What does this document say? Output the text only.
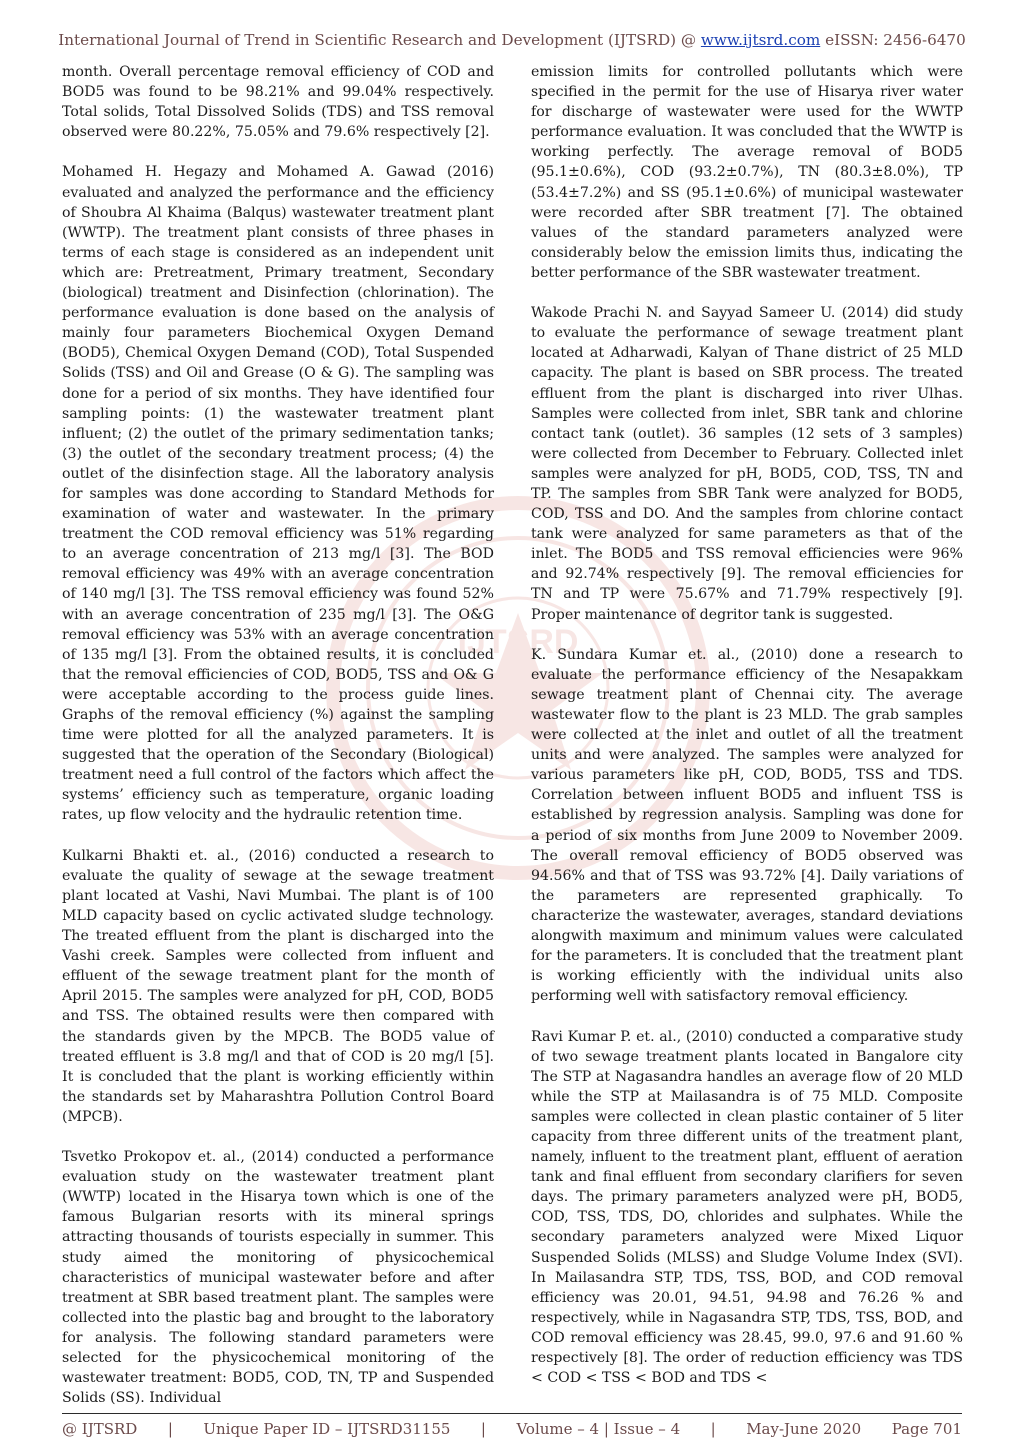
IJTSRD
International Journal of Trend in Scientific Research and Development (IJTSRD) @ www.ijtsrd.com eISSN: 2456-6470

month. Overall percentage removal efficiency of COD and BOD5 was found to be 98.21% and 99.04% respectively. Total solids, Total Dissolved Solids (TDS) and TSS removal observed were 80.22%, 75.05% and 79.6% respectively [2].

Mohamed H. Hegazy and Mohamed A. Gawad (2016) evaluated and analyzed the performance and the efficiency of Shoubra Al Khaima (Balqus) wastewater treatment plant (WWTP). The treatment plant consists of three phases in terms of each stage is considered as an independent unit which are: Pretreatment, Primary treatment, Secondary (biological) treatment and Disinfection (chlorination). The performance evaluation is done based on the analysis of mainly four parameters Biochemical Oxygen Demand (BOD5), Chemical Oxygen Demand (COD), Total Suspended Solids (TSS) and Oil and Grease (O & G). The sampling was done for a period of six months. They have identified four sampling points: (1) the wastewater treatment plant influent; (2) the outlet of the primary sedimentation tanks; (3) the outlet of the secondary treatment process; (4) the outlet of the disinfection stage. All the laboratory analysis for samples was done according to Standard Methods for examination of water and wastewater. In the primary treatment the COD removal efficiency was 51% regarding to an average concentration of 213 mg/l [3]. The BOD removal efficiency was 49% with an average concentration of 140 mg/l [3]. The TSS removal efficiency was found 52% with an average concentration of 235 mg/l [3]. The O&G removal efficiency was 53% with an average concentration of 135 mg/l [3]. From the obtained results, it is concluded that the removal efficiencies of COD, BOD5, TSS and O& G were acceptable according to the process guide lines. Graphs of the removal efficiency (%) against the sampling time were plotted for all the analyzed parameters. It is suggested that the operation of the Secondary (Biological) treatment need a full control of the factors which affect the systems’ efficiency such as temperature, organic loading rates, up flow velocity and the hydraulic retention time.

Kulkarni Bhakti et. al., (2016) conducted a research to evaluate the quality of sewage at the sewage treatment plant located at Vashi, Navi Mumbai. The plant is of 100 MLD capacity based on cyclic activated sludge technology. The treated effluent from the plant is discharged into the Vashi creek. Samples were collected from influent and effluent of the sewage treatment plant for the month of April 2015. The samples were analyzed for pH, COD, BOD5 and TSS. The obtained results were then compared with the standards given by the MPCB. The BOD5 value of treated effluent is 3.8 mg/l and that of COD is 20 mg/l [5]. It is concluded that the plant is working efficiently within the standards set by Maharashtra Pollution Control Board (MPCB).

Tsvetko Prokopov et. al., (2014) conducted a performance evaluation study on the wastewater treatment plant (WWTP) located in the Hisarya town which is one of the famous Bulgarian resorts with its mineral springs attracting thousands of tourists especially in summer. This study aimed the monitoring of physicochemical characteristics of municipal wastewater before and after treatment at SBR based treatment plant. The samples were collected into the plastic bag and brought to the laboratory for analysis. The following standard parameters were selected for the physicochemical monitoring of the wastewater treatment: BOD5, COD, TN, TP and Suspended Solids (SS). Individual

emission limits for controlled pollutants which were specified in the permit for the use of Hisarya river water for discharge of wastewater were used for the WWTP performance evaluation. It was concluded that the WWTP is working perfectly. The average removal of BOD5 (95.1±0.6%), COD (93.2±0.7%), TN (80.3±8.0%), TP (53.4±7.2%) and SS (95.1±0.6%) of municipal wastewater were recorded after SBR treatment [7]. The obtained values of the standard parameters analyzed were considerably below the emission limits thus, indicating the better performance of the SBR wastewater treatment.

Wakode Prachi N. and Sayyad Sameer U. (2014) did study to evaluate the performance of sewage treatment plant located at Adharwadi, Kalyan of Thane district of 25 MLD capacity. The plant is based on SBR process. The treated effluent from the plant is discharged into river Ulhas. Samples were collected from inlet, SBR tank and chlorine contact tank (outlet). 36 samples (12 sets of 3 samples) were collected from December to February. Collected inlet samples were analyzed for pH, BOD5, COD, TSS, TN and TP. The samples from SBR Tank were analyzed for BOD5, COD, TSS and DO. And the samples from chlorine contact tank were analyzed for same parameters as that of the inlet. The BOD5 and TSS removal efficiencies were 96% and 92.74% respectively [9]. The removal efficiencies for TN and TP were 75.67% and 71.79% respectively [9]. Proper maintenance of degritor tank is suggested.

K. Sundara Kumar et. al., (2010) done a research to evaluate the performance efficiency of the Nesapakkam sewage treatment plant of Chennai city. The average wastewater flow to the plant is 23 MLD. The grab samples were collected at the inlet and outlet of all the treatment units and were analyzed. The samples were analyzed for various parameters like pH, COD, BOD5, TSS and TDS. Correlation between influent BOD5 and influent TSS is established by regression analysis. Sampling was done for a period of six months from June 2009 to November 2009. The overall removal efficiency of BOD5 observed was 94.56% and that of TSS was 93.72% [4]. Daily variations of the parameters are represented graphically. To characterize the wastewater, averages, standard deviations alongwith maximum and minimum values were calculated for the parameters. It is concluded that the treatment plant is working efficiently with the individual units also performing well with satisfactory removal efficiency.

Ravi Kumar P. et. al., (2010) conducted a comparative study of two sewage treatment plants located in Bangalore city The STP at Nagasandra handles an average flow of 20 MLD while the STP at Mailasandra is of 75 MLD. Composite samples were collected in clean plastic container of 5 liter capacity from three different units of the treatment plant, namely, influent to the treatment plant, effluent of aeration tank and final effluent from secondary clarifiers for seven days. The primary parameters analyzed were pH, BOD5, COD, TSS, TDS, DO, chlorides and sulphates. While the secondary parameters analyzed were Mixed Liquor Suspended Solids (MLSS) and Sludge Volume Index (SVI). In Mailasandra STP, TDS, TSS, BOD, and COD removal efficiency was 20.01, 94.51, 94.98 and 76.26 % and respectively, while in Nagasandra STP, TDS, TSS, BOD, and COD removal efficiency was 28.45, 99.0, 97.6 and 91.60 % respectively [8]. The order of reduction efficiency was TDS < COD < TSS < BOD and TDS <

@ IJTSRD | Unique Paper ID – IJTSRD31155 | Volume – 4 | Issue – 4 | May-June 2020 Page 701
